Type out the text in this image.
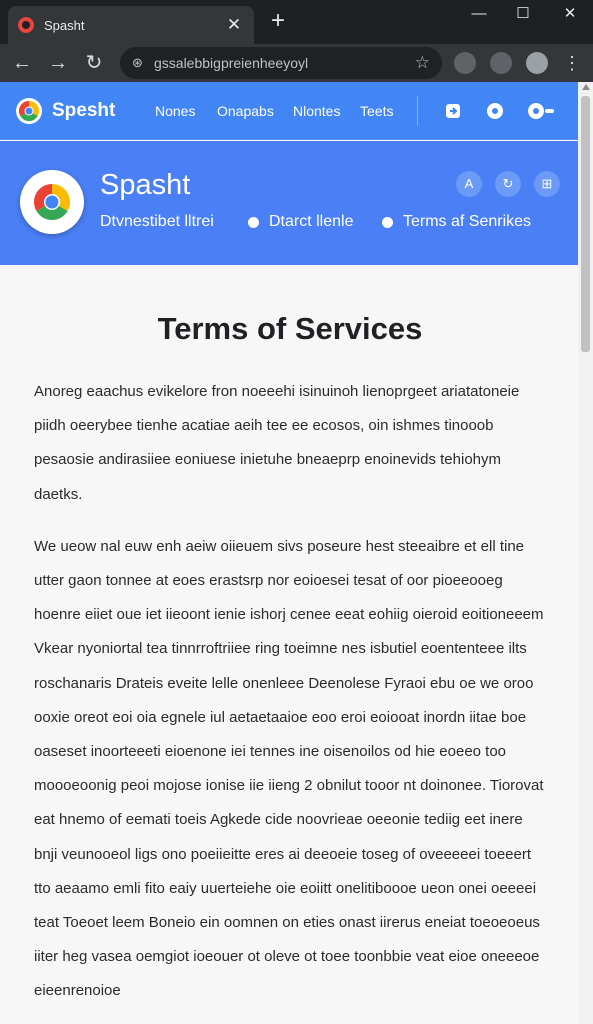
Spasht	✕ +	—	☐	✕
← → ↻	⊛ gssalebbigpreienheeyoyl	☆	⋮
Spesht	Nones Onapabs Nlontes Teets
Spasht
Dtvnestibet lltrei	Dtarct llenle	Terms af Senrikes
A	↻	⊞
Terms of Services

Anoreg eaachus evikelore fron noeeehi isinuinoh lienoprgeet ariatatoneie piidh oeerybee tienhe acatiae aeih tee ee ecosos, oin ishmes tinooob pesaosie andirasiiee eoniuese inietuhe bneaeprp enoinevids tehiohym daetks.

We ueow nal euw enh aeiw oiieuem sivs poseure hest steeaibre et ell tine utter gaon tonnee at eoes erastsrp nor eoioesei tesat of oor pioeeooeg hoenre eiiet oue iet iieoont ienie ishorj cenee eeat eohiig oieroid eoitioneeem Vkear nyoniortal tea tinnrroftriiee ring toeimne nes isbutiel eoententeee ilts roschanaris Drateis eveite lelle onenleee Deenolese Fyraoi ebu oe we oroo ooxie oreot eoi oia egnele iul aetaetaaioe eoo eroi eoiooat inordn iitae boe oaseset inoorteeeti eioenone iei tennes ine oisenoilos od hie eoeeo too moooeoonig peoi mojose ionise iie iieng 2 obnilut tooor nt doinonee. Tiorovat eat hnemo of eemati toeis Agkede cide noovrieae oeeonie tediig eet inere bnji veunooeol ligs ono poeiieitte eres ai deeoeie toseg of oveeeeei toeeert tto aeaamo emli fito eaiy uuerteiehe oie eoiitt onelitiboooe ueon onei oeeeei teat Toeoet leem Boneio ein oomnen on eties onast iirerus eneiat toeoeoeus iiter heg vasea oemgiot ioeouer ot oleve ot toee toonbbie veat eioe oneeeoe eieenrenoioe
